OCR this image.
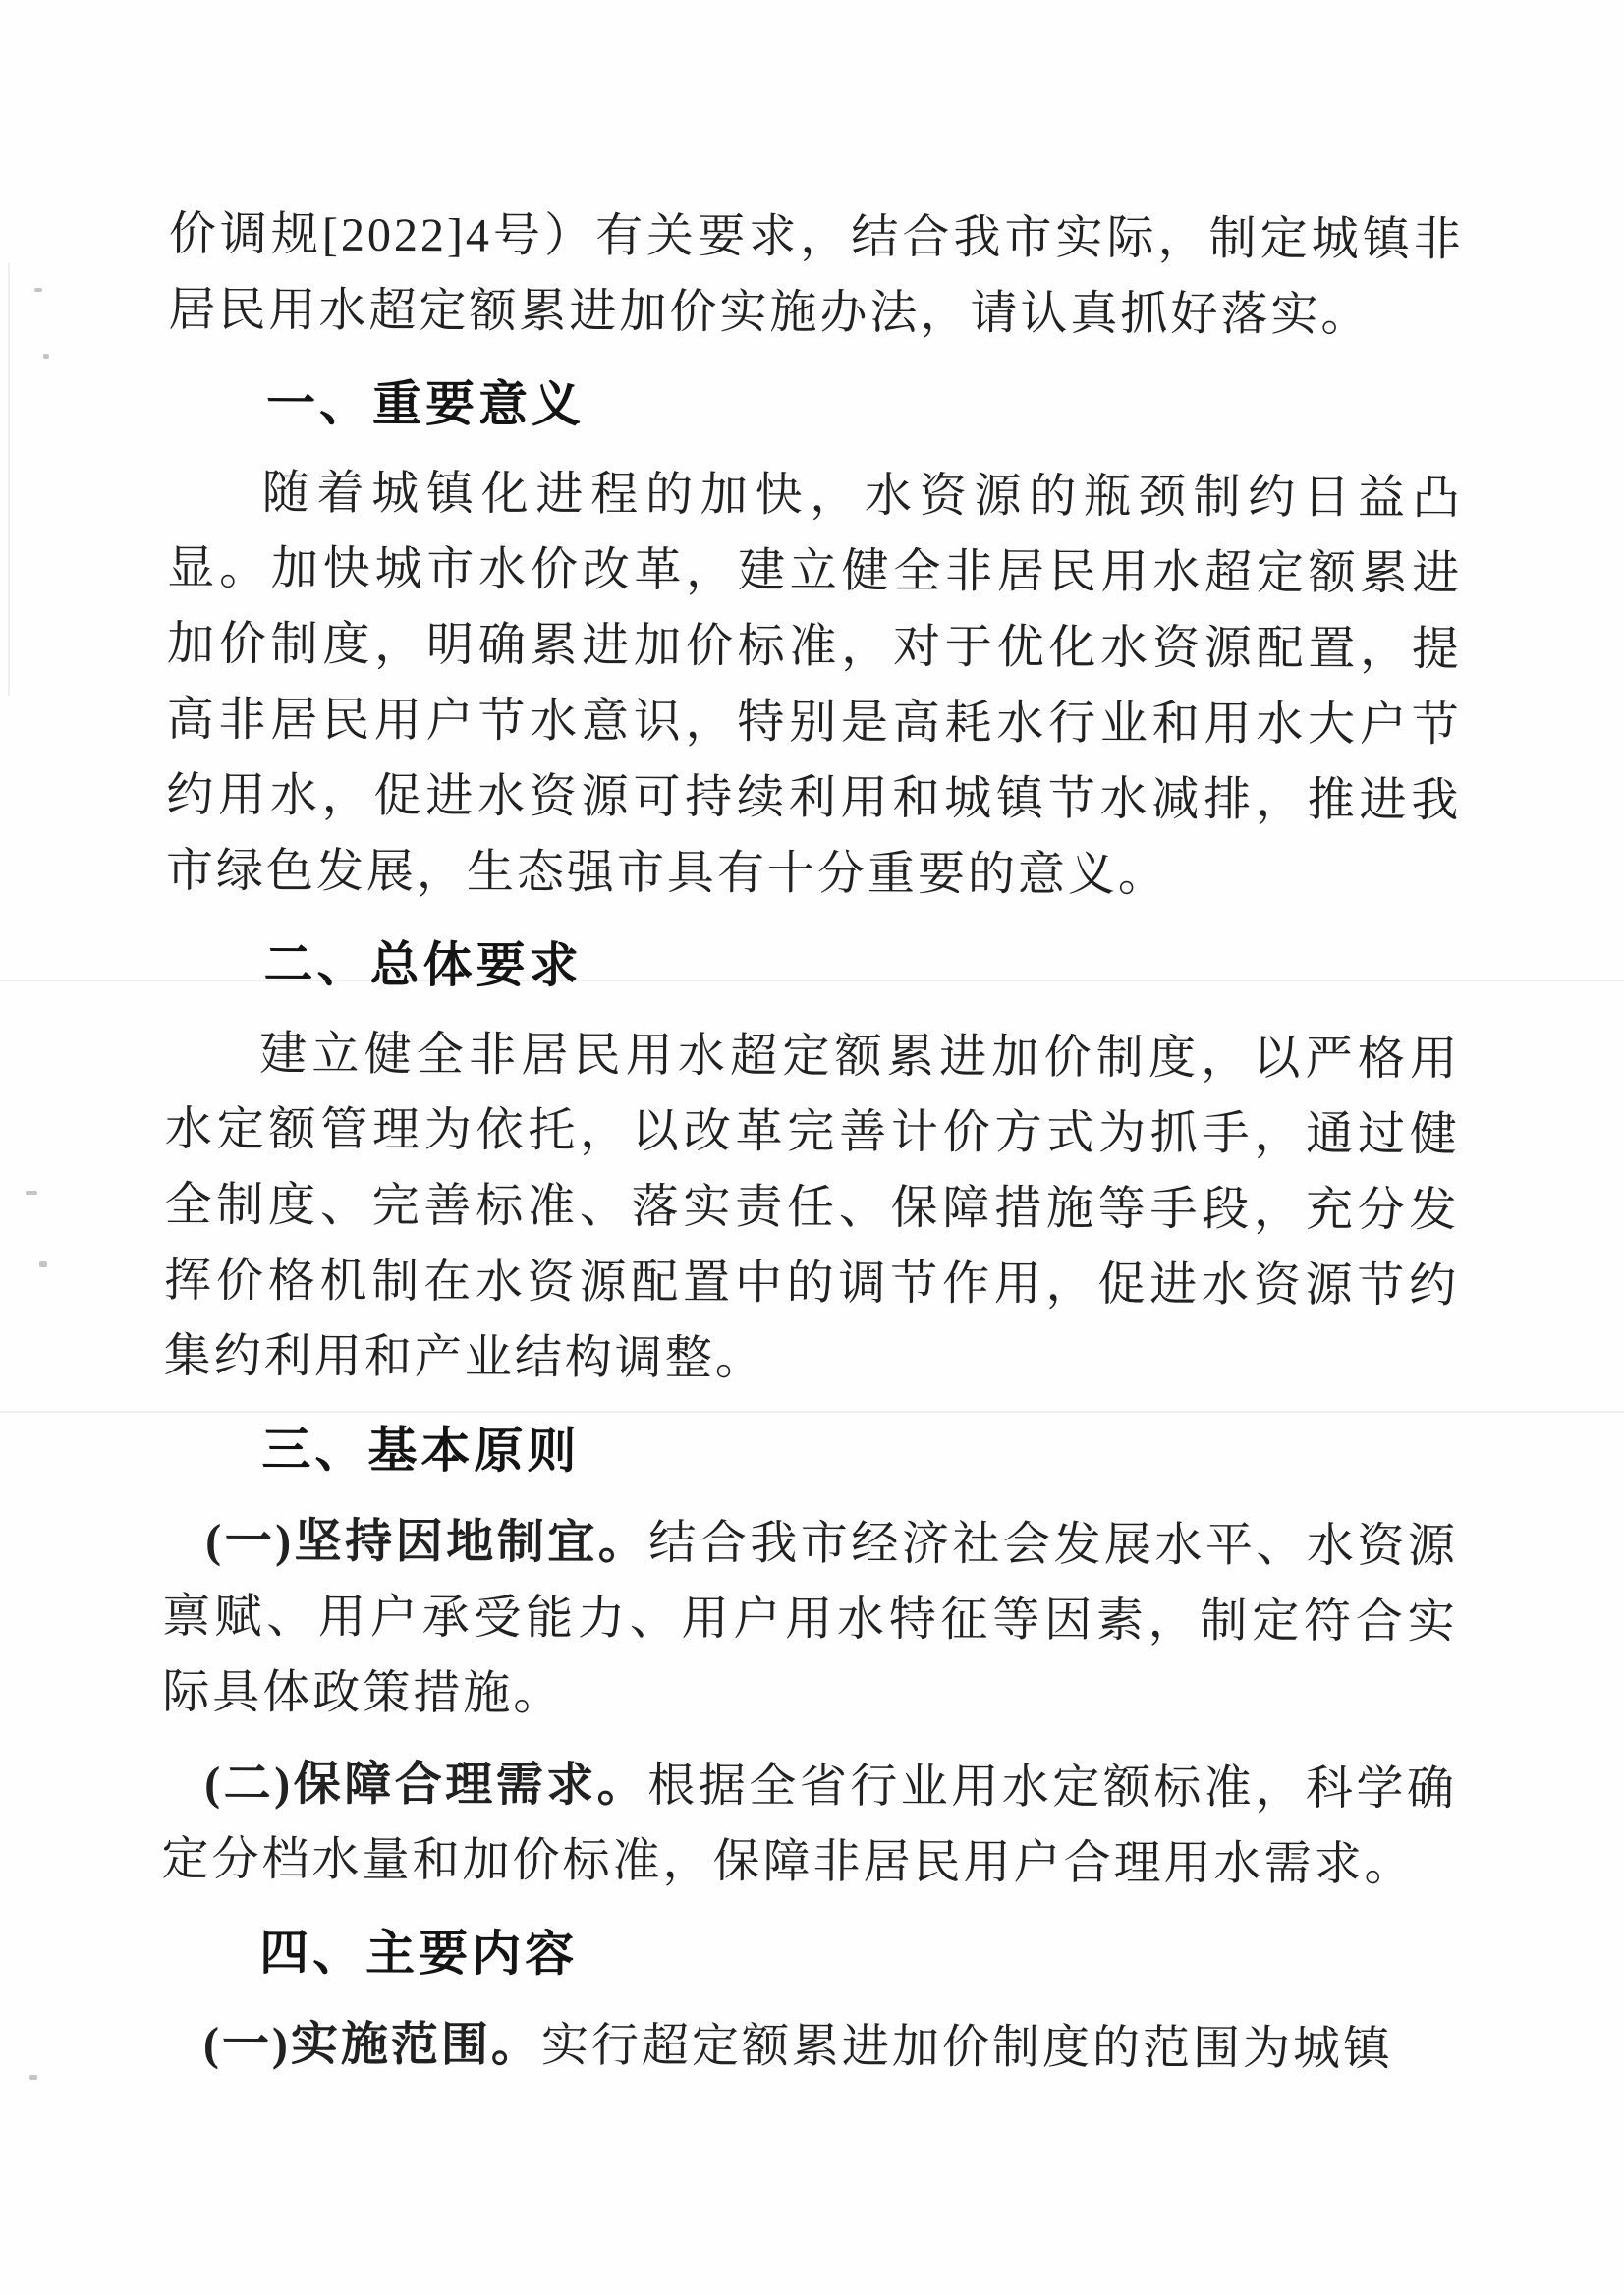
价调规[2022]4号）有关要求，结合我市实际，制定城镇非居民用水超定额累进加价实施办法，请认真抓好落实。

一、重要意义

随着城镇化进程的加快，水资源的瓶颈制约日益凸显。加快城市水价改革，建立健全非居民用水超定额累进加价制度，明确累进加价标准，对于优化水资源配置，提高非居民用户节水意识，特别是高耗水行业和用水大户节约用水，促进水资源可持续利用和城镇节水减排，推进我市绿色发展，生态强市具有十分重要的意义。

二、总体要求

建立健全非居民用水超定额累进加价制度，以严格用水定额管理为依托，以改革完善计价方式为抓手，通过健全制度、完善标准、落实责任、保障措施等手段，充分发挥价格机制在水资源配置中的调节作用，促进水资源节约集约利用和产业结构调整。

三、基本原则

(一)坚持因地制宜。结合我市经济社会发展水平、水资源禀赋、用户承受能力、用户用水特征等因素，制定符合实际具体政策措施。

(二)保障合理需求。根据全省行业用水定额标准，科学确定分档水量和加价标准，保障非居民用户合理用水需求。

四、主要内容

(一)实施范围。实行超定额累进加价制度的范围为城镇
